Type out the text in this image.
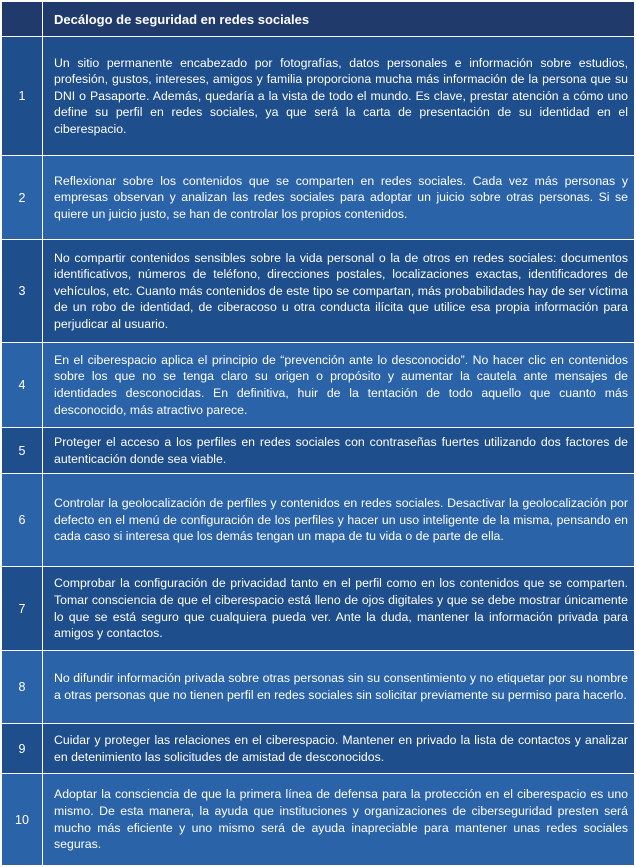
	Decálogo de seguridad en redes sociales
1	Un sitio permanente encabezado por fotografías, datos personales e información sobre estudios, profesión, gustos, intereses, amigos y familia proporciona mucha más información de la persona que su DNI o Pasaporte. Además, quedaría a la vista de todo el mundo. Es clave, prestar atención a cómo uno define su perfil en redes sociales, ya que será la carta de presentación de su identidad en el ciberespacio.
2	Reflexionar sobre los contenidos que se comparten en redes sociales. Cada vez más personas y empresas observan y analizan las redes sociales para adoptar un juicio sobre otras personas. Si se quiere un juicio justo, se han de controlar los propios contenidos.
3	No compartir contenidos sensibles sobre la vida personal o la de otros en redes sociales: documentos identificativos, números de teléfono, direcciones postales, localizaciones exactas, identificadores de vehículos, etc. Cuanto más contenidos de este tipo se compartan, más probabilidades hay de ser víctima de un robo de identidad, de ciberacoso u otra conducta ilícita que utilice esa propia información para perjudicar al usuario.
4	En el ciberespacio aplica el principio de “prevención ante lo desconocido”. No hacer clic en contenidos sobre los que no se tenga claro su origen o propósito y aumentar la cautela ante mensajes de identidades desconocidas. En definitiva, huir de la tentación de todo aquello que cuanto más desconocido, más atractivo parece.
5	Proteger el acceso a los perfiles en redes sociales con contraseñas fuertes utilizando dos factores de autenticación donde sea viable.
6	Controlar la geolocalización de perfiles y contenidos en redes sociales. Desactivar la geolocalización por defecto en el menú de configuración de los perfiles y hacer un uso inteligente de la misma, pensando en cada caso si interesa que los demás tengan un mapa de tu vida o de parte de ella.
7	Comprobar la configuración de privacidad tanto en el perfil como en los contenidos que se comparten. Tomar consciencia de que el ciberespacio está lleno de ojos digitales y que se debe mostrar únicamente lo que se está seguro que cualquiera pueda ver. Ante la duda, mantener la información privada para amigos y contactos.
8	No difundir información privada sobre otras personas sin su consentimiento y no etiquetar por su nombre a otras personas que no tienen perfil en redes sociales sin solicitar previamente su permiso para hacerlo.
9	Cuidar y proteger las relaciones en el ciberespacio. Mantener en privado la lista de contactos y analizar en detenimiento las solicitudes de amistad de desconocidos.
10	Adoptar la consciencia de que la primera línea de defensa para la protección en el ciberespacio es uno mismo. De esta manera, la ayuda que instituciones y organizaciones de ciberseguridad presten será mucho más eficiente y uno mismo será de ayuda inapreciable para mantener unas redes sociales seguras.
